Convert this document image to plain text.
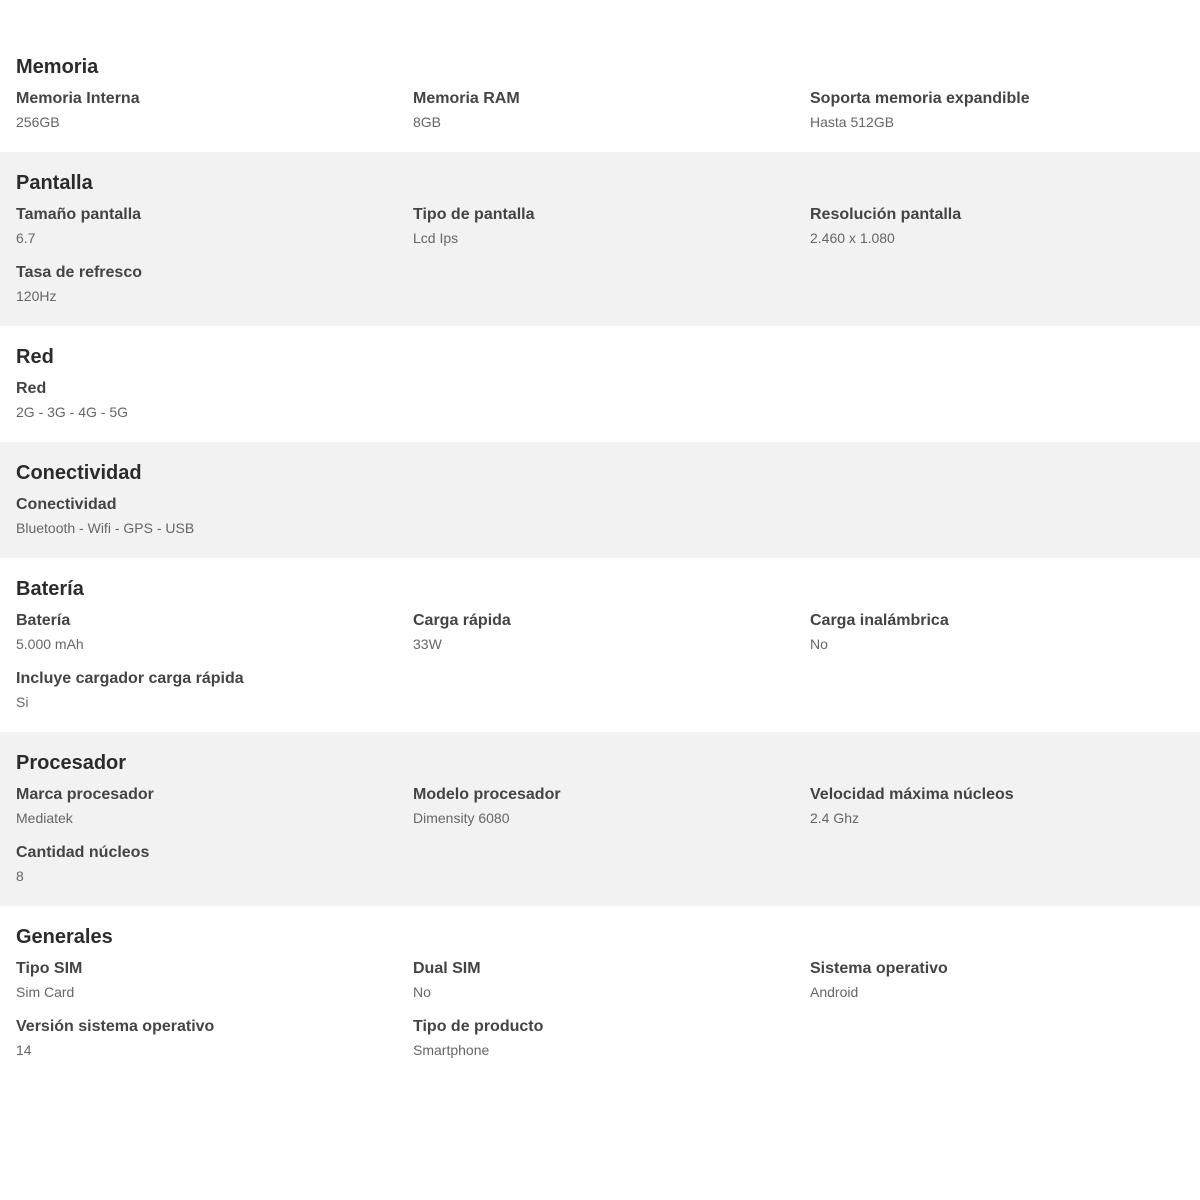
Memoria
Memoria Interna
256GB
Memoria RAM
8GB
Soporta memoria expandible
Hasta 512GB
Pantalla
Tamaño pantalla
6.7
Tipo de pantalla
Lcd Ips
Resolución pantalla
2.460 x 1.080
Tasa de refresco
120Hz
Red
Red
2G - 3G - 4G - 5G
Conectividad
Conectividad
Bluetooth - Wifi - GPS - USB
Batería
Batería
5.000 mAh
Carga rápida
33W
Carga inalámbrica
No
Incluye cargador carga rápida
Si
Procesador
Marca procesador
Mediatek
Modelo procesador
Dimensity 6080
Velocidad máxima núcleos
2.4 Ghz
Cantidad núcleos
8
Generales
Tipo SIM
Sim Card
Dual SIM
No
Sistema operativo
Android
Versión sistema operativo
14
Tipo de producto
Smartphone
